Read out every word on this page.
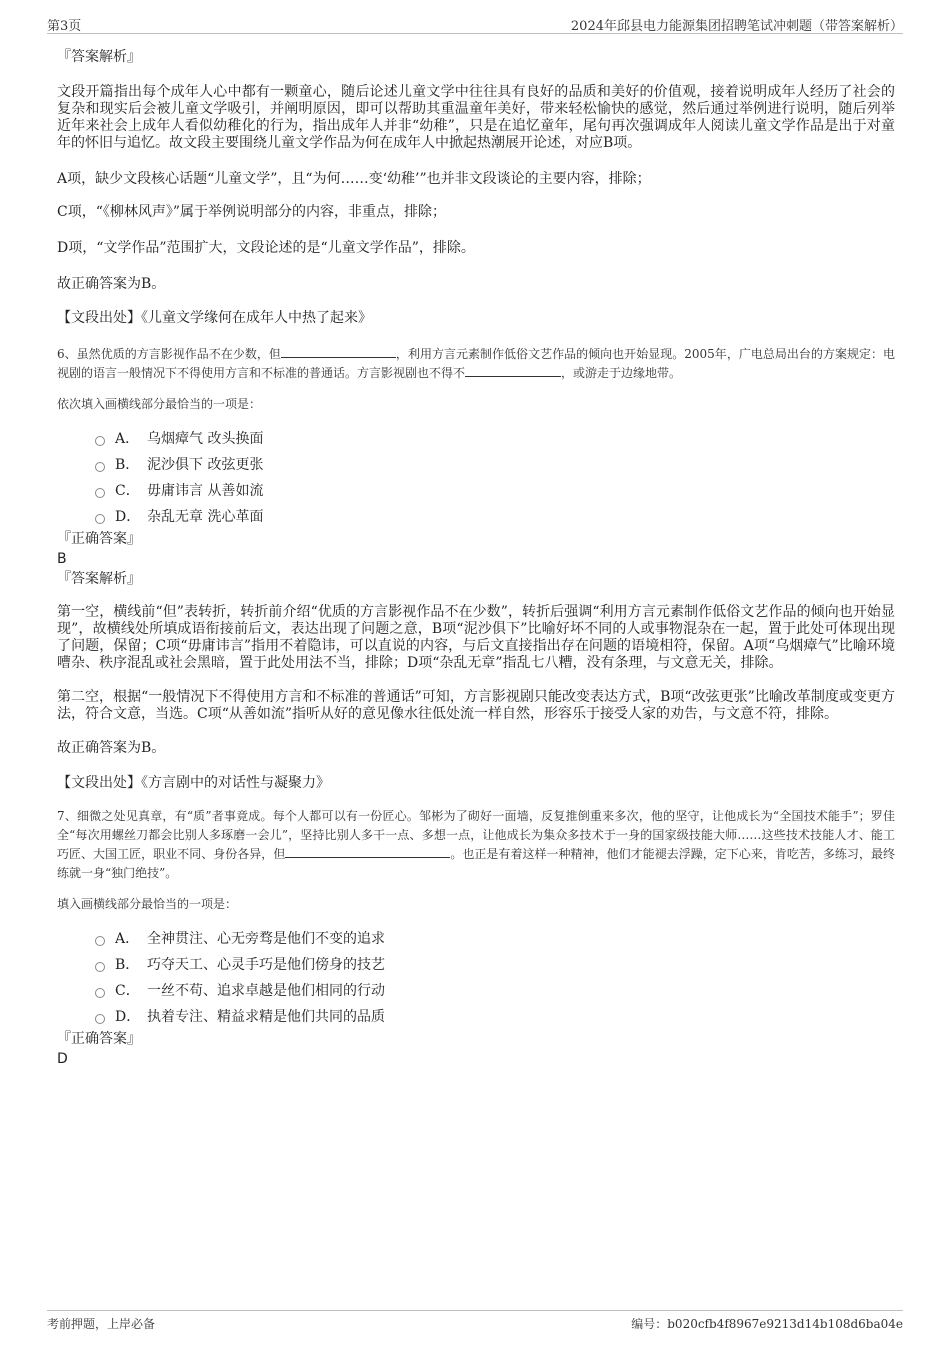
第3页	2024年邱县电力能源集团招聘笔试冲刺题（带答案解析）
『答案解析』
文段开篇指出每个成年人心中都有一颗童心，随后论述儿童文学中往往具有良好的品质和美好的价值观，接着说明成年人经历了社会的复杂和现实后会被儿童文学吸引，并阐明原因，即可以帮助其重温童年美好，带来轻松愉快的感觉，然后通过举例进行说明，随后列举近年来社会上成年人看似幼稚化的行为，指出成年人并非“幼稚”，只是在追忆童年，尾句再次强调成年人阅读儿童文学作品是出于对童年的怀旧与追忆。故文段主要围绕儿童文学作品为何在成年人中掀起热潮展开论述，对应B项。
A项，缺少文段核心话题“儿童文学”，且“为何……变‘幼稚’”也并非文段谈论的主要内容，排除；
C项，“《柳林风声》”属于举例说明部分的内容，非重点，排除；
D项，“文学作品”范围扩大，文段论述的是“儿童文学作品”，排除。
故正确答案为B。
【文段出处】《儿童文学缘何在成年人中热了起来》
6、虽然优质的方言影视作品不在少数，但	，利用方言元素制作低俗文艺作品的倾向也开始显现。2005年，广电总局出台的方案规定：电视剧的语言一般情况下不得使用方言和不标准的普通话。方言影视剧也不得不	，或游走于边缘地带。
依次填入画横线部分最恰当的一项是：
A． 乌烟瘴气 改头换面
B． 泥沙俱下 改弦更张
C． 毋庸讳言 从善如流
D． 杂乱无章 洗心革面
『正确答案』
B
『答案解析』
第一空，横线前“但”表转折，转折前介绍“优质的方言影视作品不在少数”，转折后强调“利用方言元素制作低俗文艺作品的倾向也开始显现”，故横线处所填成语衔接前后文，表达出现了问题之意，B项“泥沙俱下”比喻好坏不同的人或事物混杂在一起，置于此处可体现出现了问题，保留；C项“毋庸讳言”指用不着隐讳，可以直说的内容，与后文直接指出存在问题的语境相符，保留。A项“乌烟瘴气”比喻环境嘈杂、秩序混乱或社会黑暗，置于此处用法不当，排除；D项“杂乱无章”指乱七八糟，没有条理，与文意无关，排除。
第二空，根据“一般情况下不得使用方言和不标准的普通话”可知，方言影视剧只能改变表达方式，B项“改弦更张”比喻改革制度或变更方法，符合文意，当选。C项“从善如流”指听从好的意见像水往低处流一样自然，形容乐于接受人家的劝告，与文意不符，排除。
故正确答案为B。
【文段出处】《方言剧中的对话性与凝聚力》
7、细微之处见真章，有“质”者事竟成。每个人都可以有一份匠心。邹彬为了砌好一面墙，反复推倒重来多次，他的坚守，让他成长为“全国技术能手”；罗佳全“每次用螺丝刀都会比别人多琢磨一会儿”，坚持比别人多干一点、多想一点，让他成长为集众多技术于一身的国家级技能大师……这些技术技能人才、能工巧匠、大国工匠，职业不同、身份各异，但	。也正是有着这样一种精神，他们才能褪去浮躁，定下心来，肯吃苦，多练习，最终练就一身“独门绝技”。
填入画横线部分最恰当的一项是：
A． 全神贯注、心无旁骛是他们不变的追求
B． 巧夺天工、心灵手巧是他们傍身的技艺
C． 一丝不苟、追求卓越是他们相同的行动
D． 执着专注、精益求精是他们共同的品质
『正确答案』
D
考前押题，上岸必备	编号：b020cfb4f8967e9213d14b108d6ba04e
